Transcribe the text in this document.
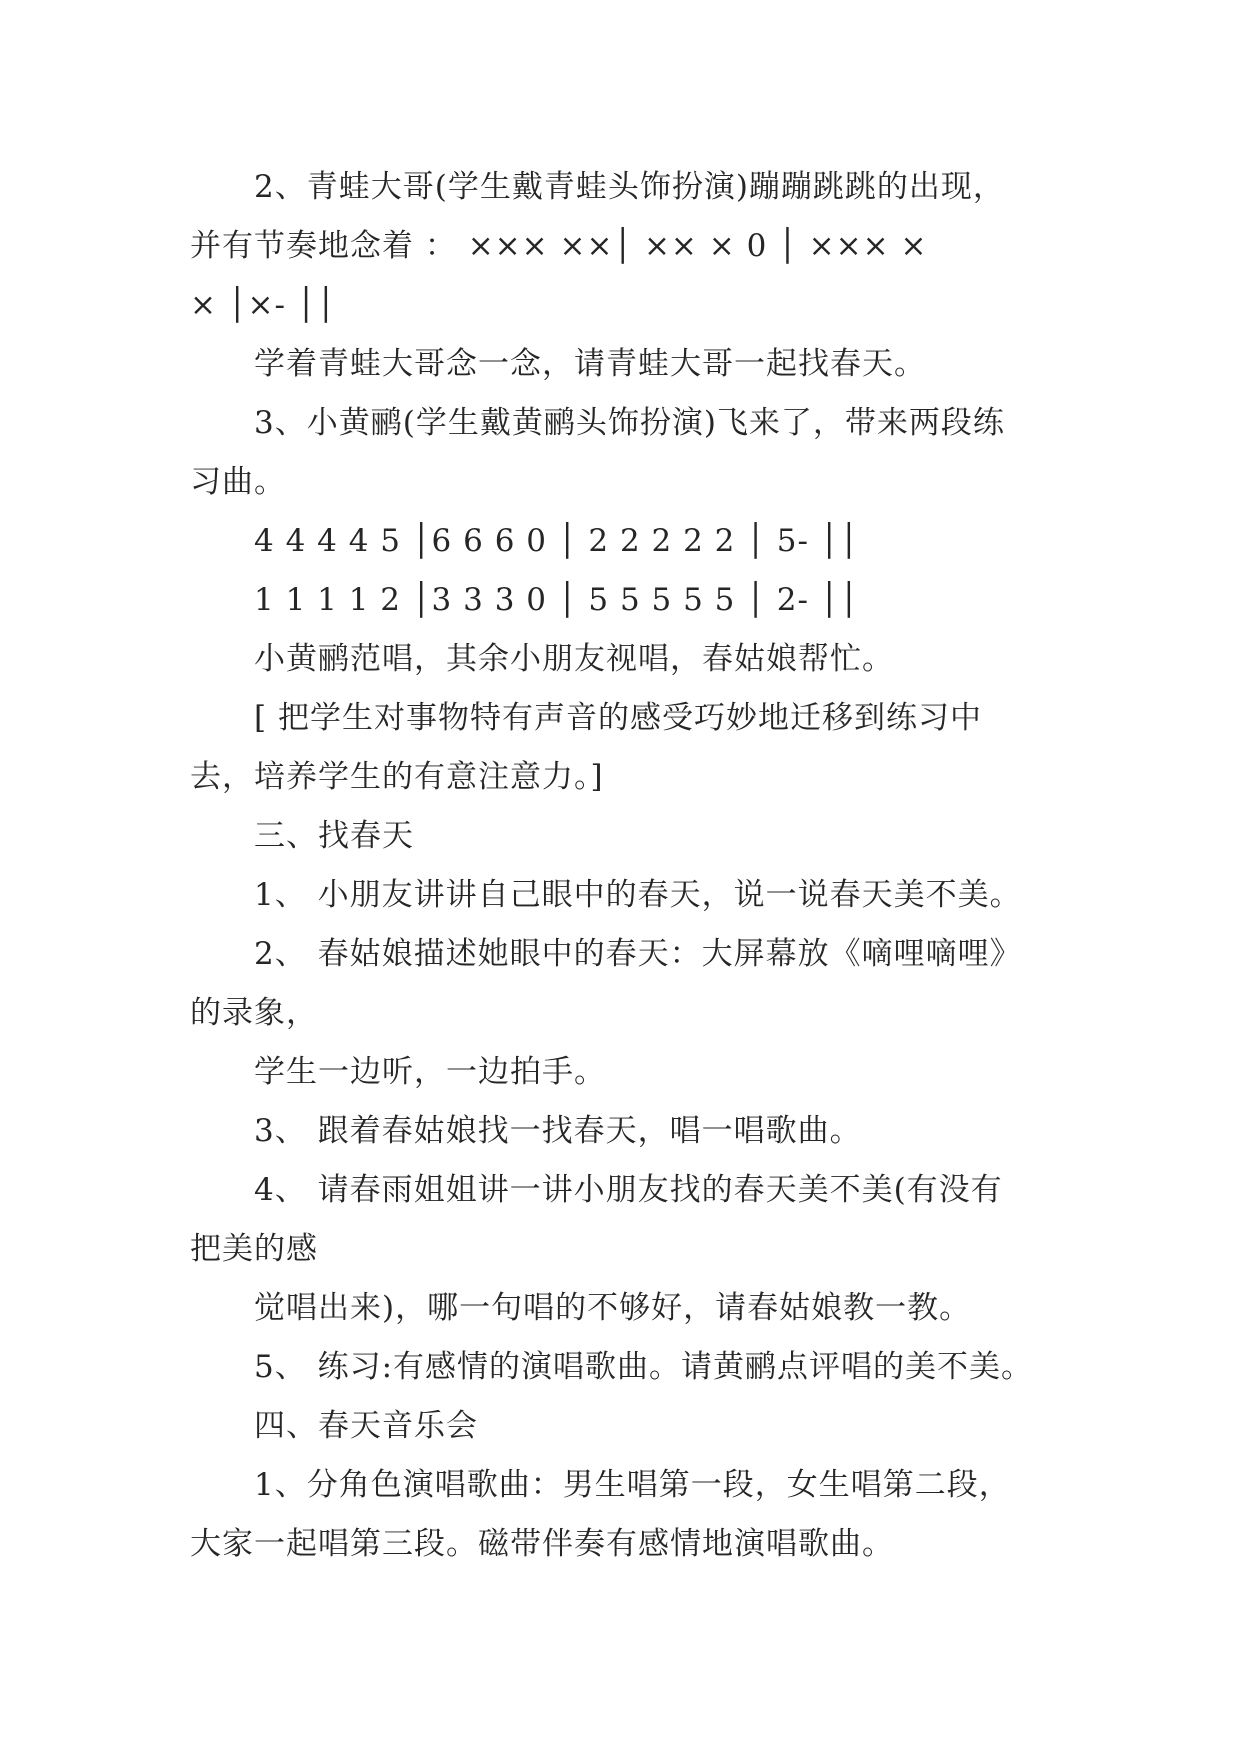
2、青蛙大哥(学生戴青蛙头饰扮演)蹦蹦跳跳的出现，
并有节奏地念着 ： ××× ××│ ×× × 0 │ ××× ×
× │×- ││
学着青蛙大哥念一念，请青蛙大哥一起找春天。
3、小黄鹂(学生戴黄鹂头饰扮演)飞来了，带来两段练
习曲。
4 4 4 4 5 │6 6 6 0 │ 2 2 2 2 2 │ 5- ││
1 1 1 1 2 │3 3 3 0 │ 5 5 5 5 5 │ 2- ││
小黄鹂范唱，其余小朋友视唱，春姑娘帮忙。
[ 把学生对事物特有声音的感受巧妙地迁移到练习中
去，培养学生的有意注意力。]
三、找春天
1、 小朋友讲讲自己眼中的春天，说一说春天美不美。
2、 春姑娘描述她眼中的春天：大屏幕放《嘀哩嘀哩》
的录象，
学生一边听，一边拍手。
3、 跟着春姑娘找一找春天，唱一唱歌曲。
4、 请春雨姐姐讲一讲小朋友找的春天美不美(有没有
把美的感
觉唱出来)，哪一句唱的不够好，请春姑娘教一教。
5、 练习:有感情的演唱歌曲。请黄鹂点评唱的美不美。
四、春天音乐会
1、分角色演唱歌曲：男生唱第一段，女生唱第二段，
大家一起唱第三段。磁带伴奏有感情地演唱歌曲。
